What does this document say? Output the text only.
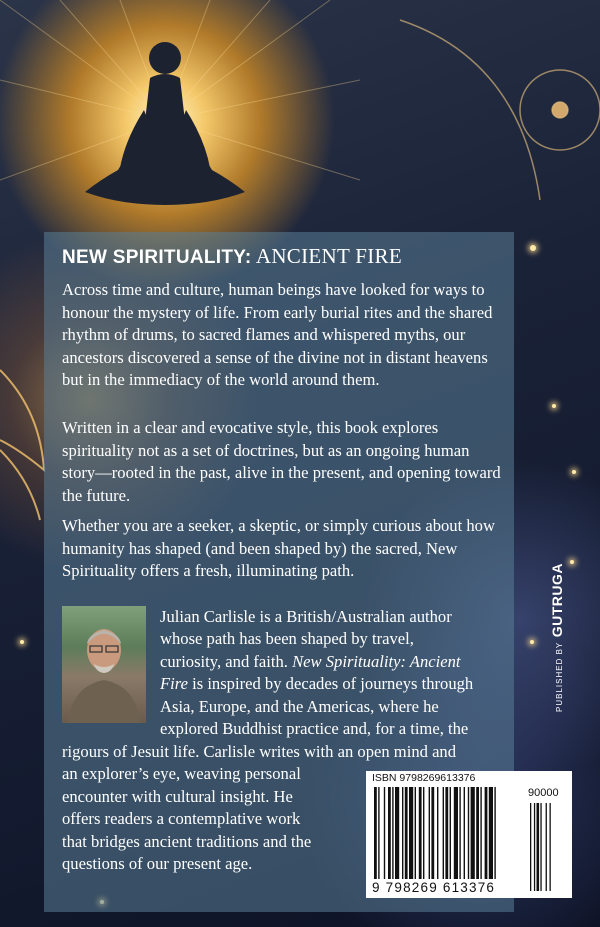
NEW SPIRITUALITY: ANCIENT FIRE

Across time and culture, human beings have looked for ways to honour the mystery of life. From early burial rites and the shared rhythm of drums, to sacred flames and whispered myths, our ancestors discovered a sense of the divine not in distant heavens but in the immediacy of the world around them.

Written in a clear and evocative style, this book explores spirituality not as a set of doctrines, but as an ongoing human story—rooted in the past, alive in the present, and opening toward the future.

Whether you are a seeker, a skeptic, or simply curious about how humanity has shaped (and been shaped by) the sacred, New Spirituality offers a fresh, illuminating path.

Julian Carlisle is a British/Australian author

whose path has been shaped by travel,

curiosity, and faith. New Spirituality: Ancient

Fire is inspired by decades of journeys through

Asia, Europe, and the Americas, where he

explored Buddhist practice and, for a time, the

rigours of Jesuit life. Carlisle writes with an open mind and

an explorer’s eye, weaving personal

encounter with cultural insight. He

offers readers a contemplative work

that bridges ancient traditions and the

questions of our present age.

PUBLISHED BY GUTRUGA
ISBN 9798269613376
90000
9 798269 613376
